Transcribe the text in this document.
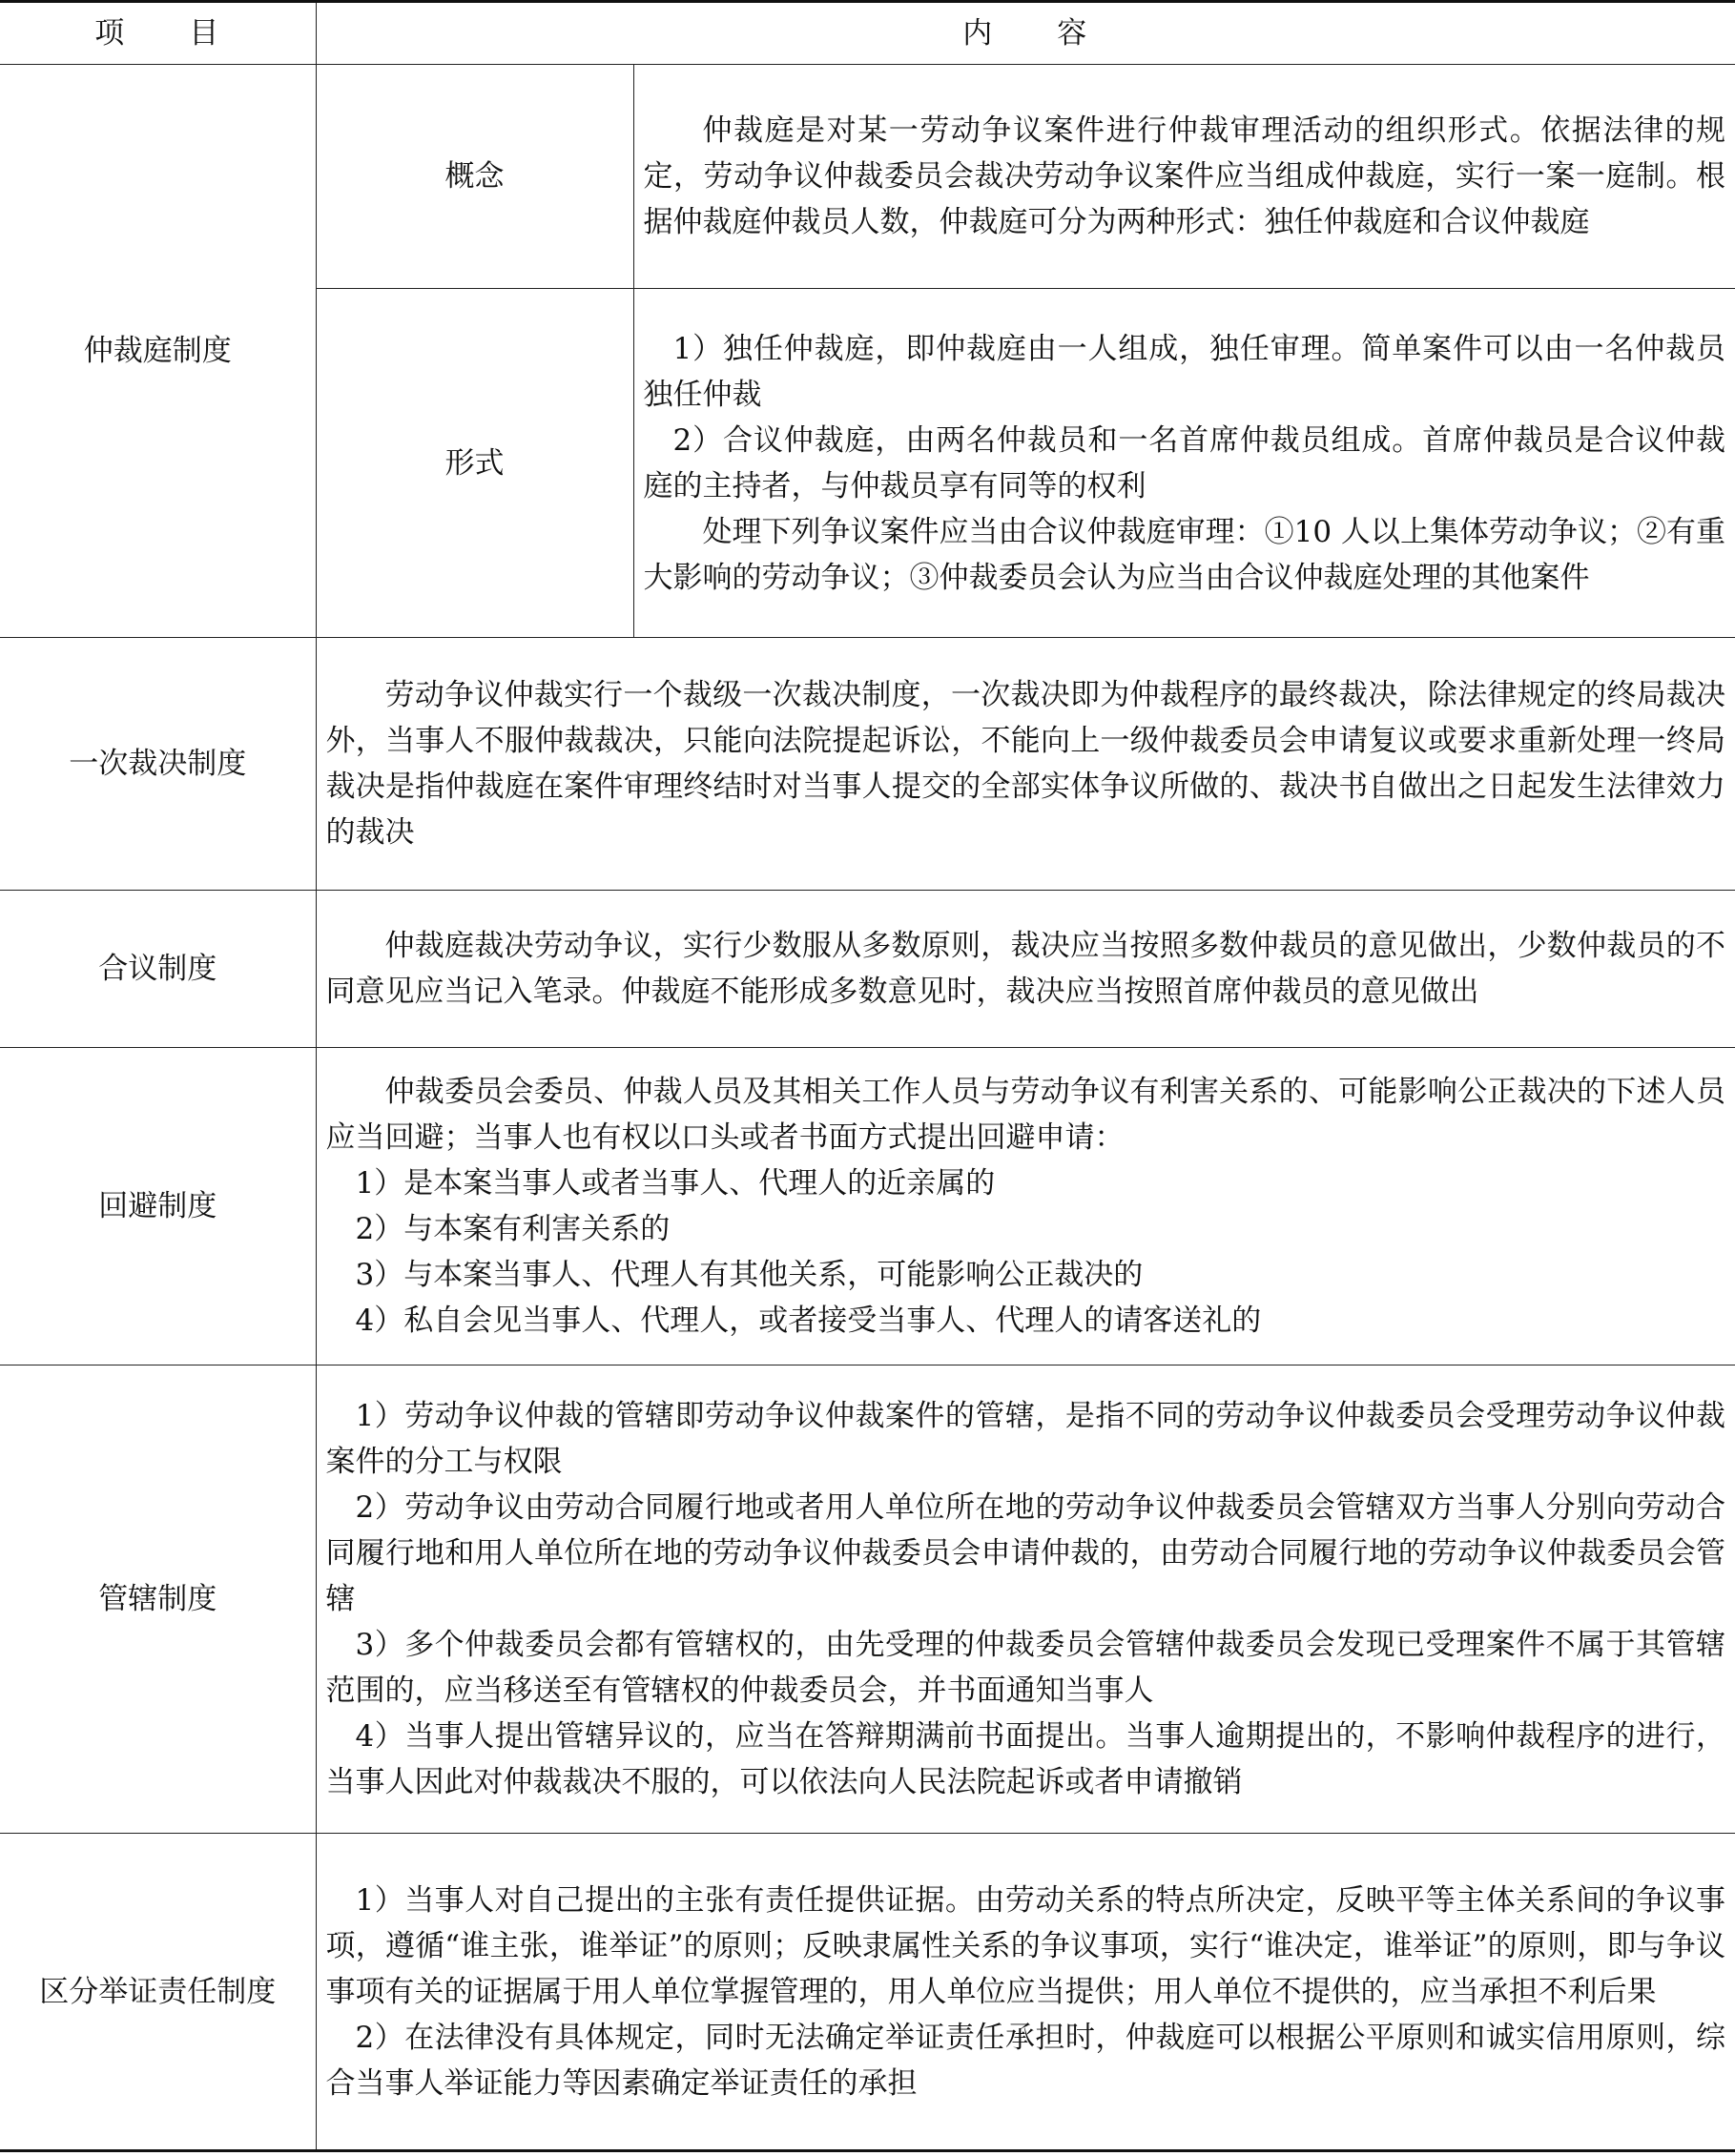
项　　目	内　　容	
仲裁庭制度	概念	仲裁庭是对某一劳动争议案件进行仲裁审理活动的组织形式。依据法律的规定，劳动争议仲裁委员会裁决劳动争议案件应当组成仲裁庭，实行一案一庭制。根据仲裁庭仲裁员人数，仲裁庭可分为两种形式：独任仲裁庭和合议仲裁庭

	形式	1）独任仲裁庭，即仲裁庭由一人组成，独任审理。简单案件可以由一名仲裁员独任仲裁

2）合议仲裁庭，由两名仲裁员和一名首席仲裁员组成。首席仲裁员是合议仲裁庭的主持者，与仲裁员享有同等的权利

处理下列争议案件应当由合议仲裁庭审理：①10 人以上集体劳动争议；②有重大影响的劳动争议；③仲裁委员会认为应当由合议仲裁庭处理的其他案件

一次裁决制度	劳动争议仲裁实行一个裁级一次裁决制度，一次裁决即为仲裁程序的最终裁决，除法律规定的终局裁决外，当事人不服仲裁裁决，只能向法院提起诉讼，不能向上一级仲裁委员会申请复议或要求重新处理一终局裁决是指仲裁庭在案件审理终结时对当事人提交的全部实体争议所做的、裁决书自做出之日起发生法律效力的裁决	

合议制度	仲裁庭裁决劳动争议，实行少数服从多数原则，裁决应当按照多数仲裁员的意见做出，少数仲裁员的不同意见应当记入笔录。仲裁庭不能形成多数意见时，裁决应当按照首席仲裁员的意见做出	

回避制度	仲裁委员会委员、仲裁人员及其相关工作人员与劳动争议有利害关系的、可能影响公正裁决的下述人员应当回避；当事人也有权以口头或者书面方式提出回避申请：

1）是本案当事人或者当事人、代理人的近亲属的

2）与本案有利害关系的

3）与本案当事人、代理人有其他关系，可能影响公正裁决的

4）私自会见当事人、代理人，或者接受当事人、代理人的请客送礼的	

管辖制度	1）劳动争议仲裁的管辖即劳动争议仲裁案件的管辖，是指不同的劳动争议仲裁委员会受理劳动争议仲裁案件的分工与权限

2）劳动争议由劳动合同履行地或者用人单位所在地的劳动争议仲裁委员会管辖双方当事人分别向劳动合同履行地和用人单位所在地的劳动争议仲裁委员会申请仲裁的，由劳动合同履行地的劳动争议仲裁委员会管辖

3）多个仲裁委员会都有管辖权的，由先受理的仲裁委员会管辖仲裁委员会发现已受理案件不属于其管辖范围的，应当移送至有管辖权的仲裁委员会，并书面通知当事人

4）当事人提出管辖异议的，应当在答辩期满前书面提出。当事人逾期提出的，不影响仲裁程序的进行，当事人因此对仲裁裁决不服的，可以依法向人民法院起诉或者申请撤销	

区分举证责任制度	1）当事人对自己提出的主张有责任提供证据。由劳动关系的特点所决定，反映平等主体关系间的争议事项，遵循“谁主张，谁举证”的原则；反映隶属性关系的争议事项，实行“谁决定，谁举证”的原则，即与争议事项有关的证据属于用人单位掌握管理的，用人单位应当提供；用人单位不提供的，应当承担不利后果

2）在法律没有具体规定，同时无法确定举证责任承担时，仲裁庭可以根据公平原则和诚实信用原则，综合当事人举证能力等因素确定举证责任的承担	
